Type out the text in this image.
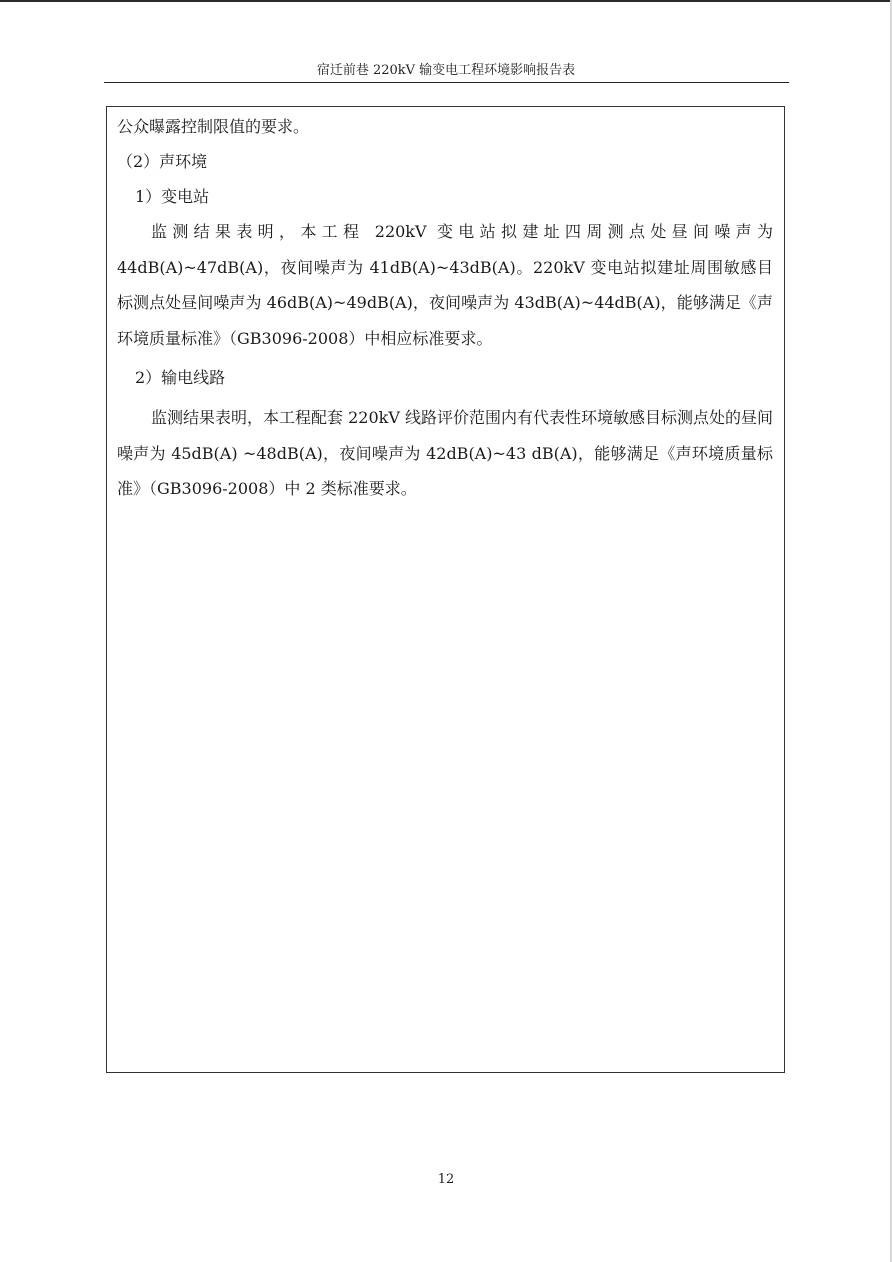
宿迁前巷 220kV 输变电工程环境影响报告表

公众曝露控制限值的要求。

（2）声环境

1）变电站

监测结果表明，本工程 220kV 变电站拟建址四周测点处昼间噪声为 44dB(A)~47dB(A)，夜间噪声为 41dB(A)~43dB(A)。220kV 变电站拟建址周围敏感目标测点处昼间噪声为 46dB(A)~49dB(A)，夜间噪声为 43dB(A)~44dB(A)，能够满足《声环境质量标准》（GB3096-2008）中相应标准要求。

2）输电线路

监测结果表明，本工程配套 220kV 线路评价范围内有代表性环境敏感目标测点处的昼间噪声为 45dB(A) ~48dB(A)，夜间噪声为 42dB(A)~43 dB(A)，能够满足《声环境质量标准》（GB3096-2008）中 2 类标准要求。

12
